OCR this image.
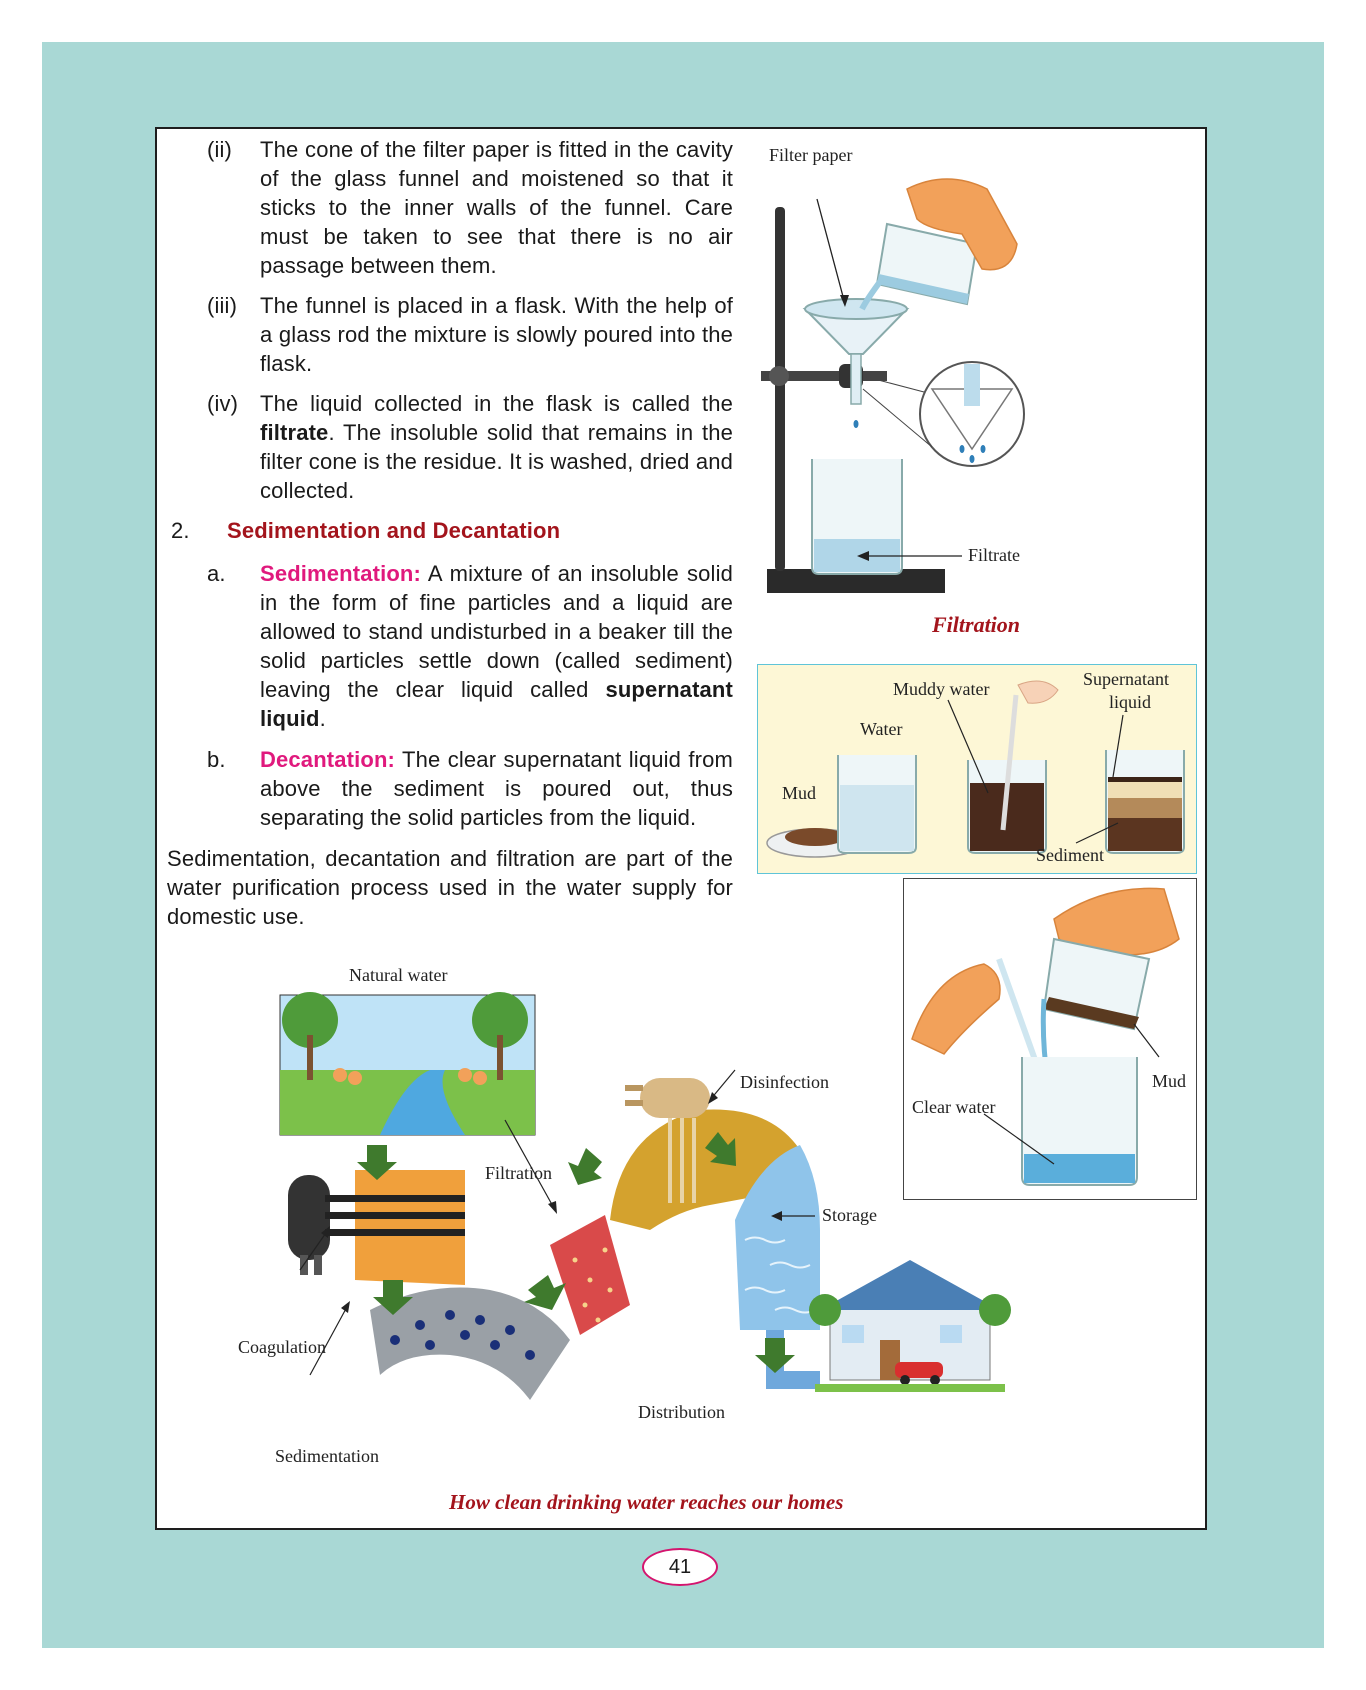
(ii)	The cone of the filter paper is fitted in the cavity of the glass funnel and moistened so that it sticks to the inner walls of the funnel. Care must be taken to see that there is no air passage between them.
(iii)	The funnel is placed in a flask. With the help of a glass rod the mixture is slowly poured into the flask.
(iv) The liquid collected in the flask is called the filtrate. The insoluble solid that remains in the filter cone is the residue. It is washed, dried and collected.
2.	Sedimentation and Decantation
a.	Sedimentation: A mixture of an insoluble solid in the form of fine particles and a liquid are allowed to stand undisturbed in a beaker till the solid particles settle down (called sediment) leaving the clear liquid called supernatant liquid.
b.	Decantation: The clear supernatant liquid from above the sediment is poured out, thus separating the solid particles from the liquid.

Sedimentation, decantation and filtration are part of the water purification process used in the water supply for domestic use.

Filter paper
Filtrate
Filtration
Muddy water	Supernatant
liquid
Water
Mud
Sediment
Mud
Clear water
Natural water
Disinfection
Filtration
Storage
Coagulation
Distribution
Sedimentation
How clean drinking water reaches our homes
41
